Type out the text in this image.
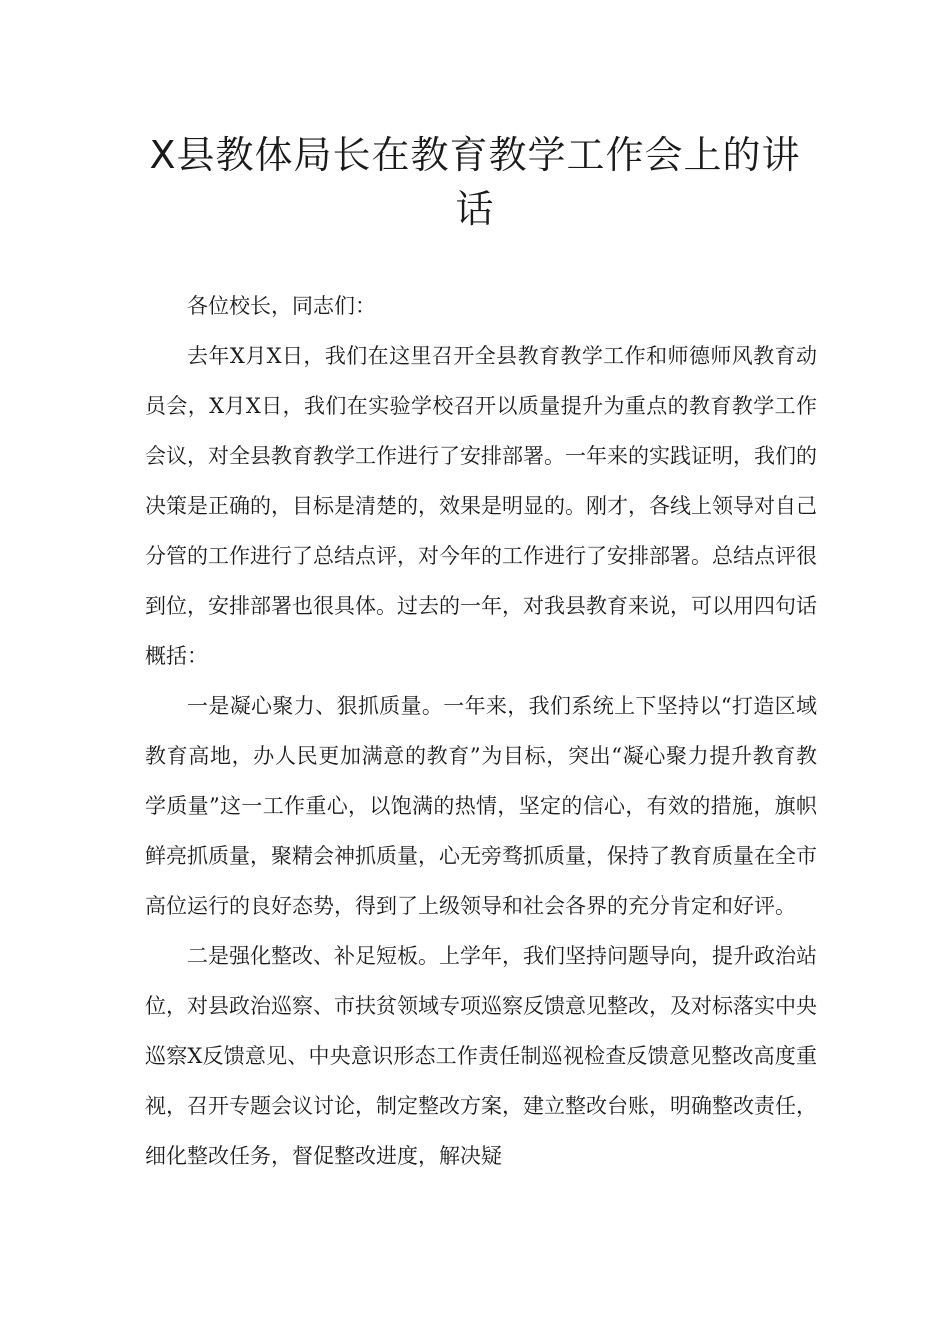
X县教体局长在教育教学工作会上的讲
话

各位校长，同志们：

去年X月X日，我们在这里召开全县教育教学工作和师德师风教育动员会，X月X日，我们在实验学校召开以质量提升为重点的教育教学工作会议，对全县教育教学工作进行了安排部署。一年来的实践证明，我们的决策是正确的，目标是清楚的，效果是明显的。刚才，各线上领导对自己分管的工作进行了总结点评，对今年的工作进行了安排部署。总结点评很到位，安排部署也很具体。过去的一年，对我县教育来说，可以用四句话概括：

一是凝心聚力、狠抓质量。一年来，我们系统上下坚持以“打造区域教育高地，办人民更加满意的教育”为目标，突出“凝心聚力提升教育教学质量”这一工作重心，以饱满的热情，坚定的信心，有效的措施，旗帜鲜亮抓质量，聚精会神抓质量，心无旁骛抓质量，保持了教育质量在全市高位运行的良好态势，得到了上级领导和社会各界的充分肯定和好评。

二是强化整改、补足短板。上学年，我们坚持问题导向，提升政治站位，对县政治巡察、市扶贫领域专项巡察反馈意见整改，及对标落实中央巡察X反馈意见、中央意识形态工作责任制巡视检查反馈意见整改高度重视，召开专题会议讨论，制定整改方案，建立整改台账，明确整改责任，细化整改任务，督促整改进度，解决疑
